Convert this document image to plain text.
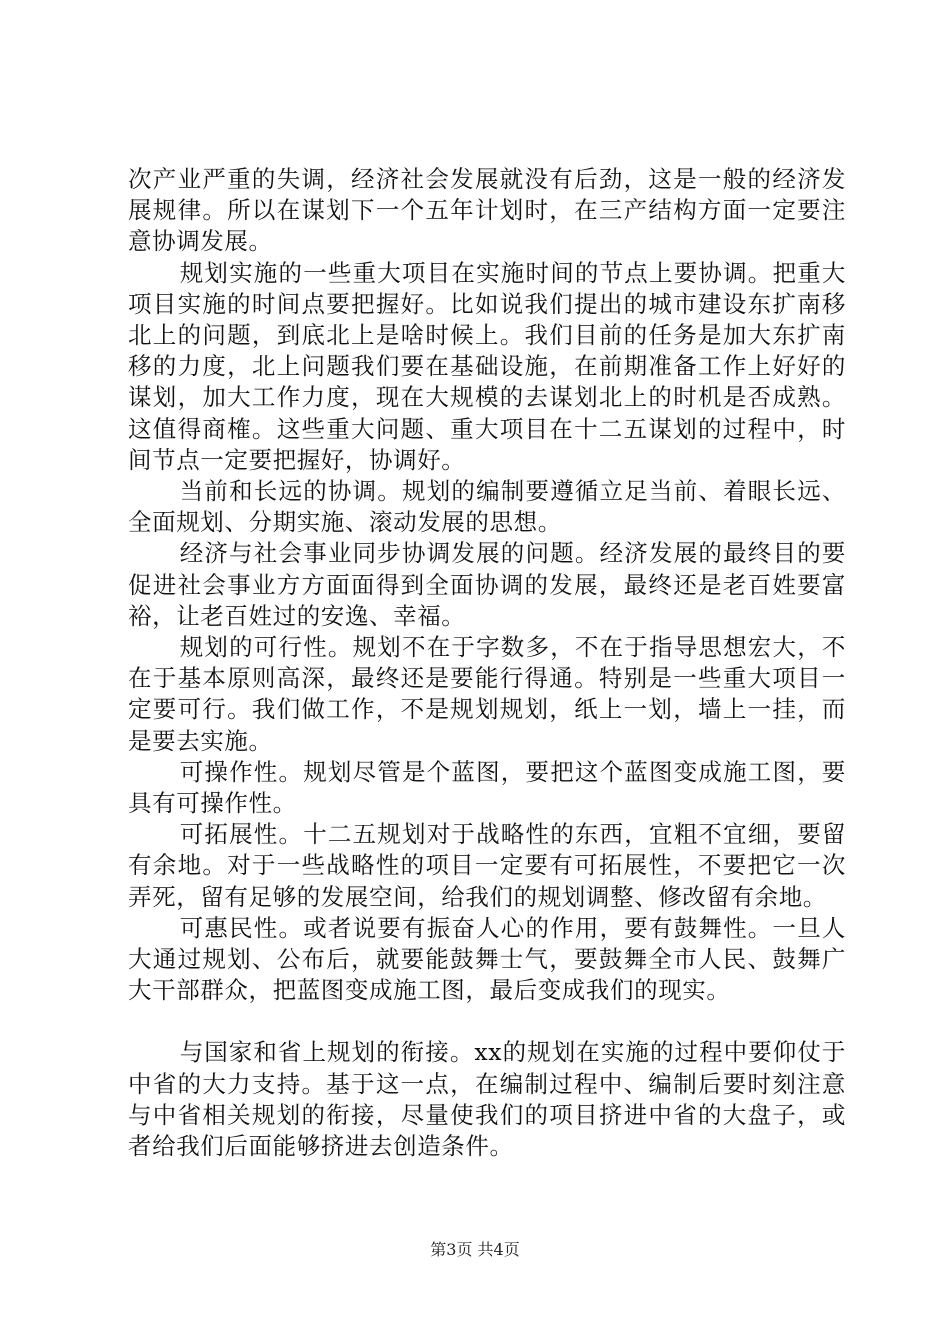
次产业严重的失调，经济社会发展就没有后劲，这是一般的经济发展规律。所以在谋划下一个五年计划时，在三产结构方面一定要注意协调发展。

规划实施的一些重大项目在实施时间的节点上要协调。把重大项目实施的时间点要把握好。比如说我们提出的城市建设东扩南移北上的问题，到底北上是啥时候上。我们目前的任务是加大东扩南移的力度，北上问题我们要在基础设施，在前期准备工作上好好的谋划，加大工作力度，现在大规模的去谋划北上的时机是否成熟。这值得商榷。这些重大问题、重大项目在十二五谋划的过程中，时间节点一定要把握好，协调好。

当前和长远的协调。规划的编制要遵循立足当前、着眼长远、全面规划、分期实施、滚动发展的思想。

经济与社会事业同步协调发展的问题。经济发展的最终目的要促进社会事业方方面面得到全面协调的发展，最终还是老百姓要富裕，让老百姓过的安逸、幸福。

规划的可行性。规划不在于字数多，不在于指导思想宏大，不在于基本原则高深，最终还是要能行得通。特别是一些重大项目一定要可行。我们做工作，不是规划规划，纸上一划，墙上一挂，而是要去实施。

可操作性。规划尽管是个蓝图，要把这个蓝图变成施工图，要具有可操作性。

可拓展性。十二五规划对于战略性的东西，宜粗不宜细，要留有余地。对于一些战略性的项目一定要有可拓展性，不要把它一次弄死，留有足够的发展空间，给我们的规划调整、修改留有余地。

可惠民性。或者说要有振奋人心的作用，要有鼓舞性。一旦人大通过规划、公布后，就要能鼓舞士气，要鼓舞全市人民、鼓舞广大干部群众，把蓝图变成施工图，最后变成我们的现实。

与国家和省上规划的衔接。xx的规划在实施的过程中要仰仗于中省的大力支持。基于这一点，在编制过程中、编制后要时刻注意与中省相关规划的衔接，尽量使我们的项目挤进中省的大盘子，或者给我们后面能够挤进去创造条件。

第3页 共4页
